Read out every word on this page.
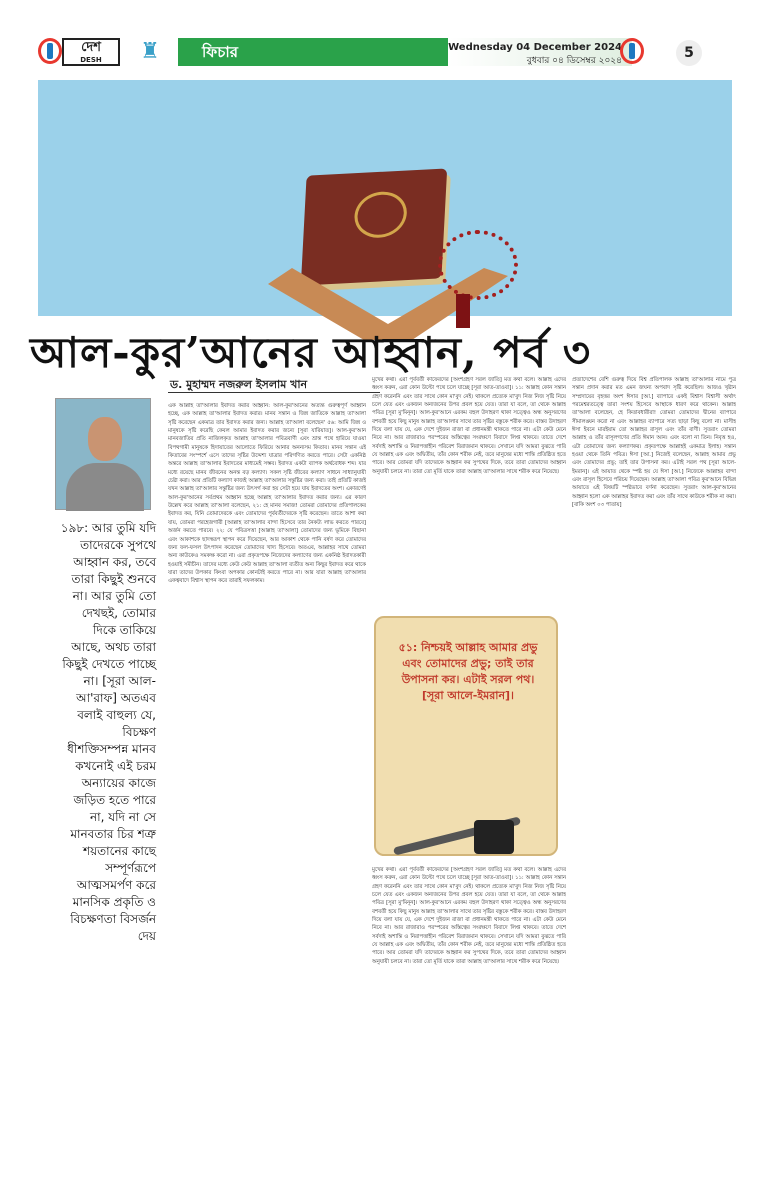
দেশ
DESH	♜	ফিচার	Wednesday 04 December 2024
বুধবার ০৪ ডিসেম্বর ২০২৪	5
আল-কুর’আনের আহ্বান, পর্ব ৩
ড. মুহাম্মদ নজরুল ইসলাম খান
১৯৮: আর তুমি যদি তাদেরকে সুপথে আহ্বান কর, তবে তারা কিছুই শুনবে না। আর তুমি তো দেখছই, তোমার দিকে তাকিয়ে আছে, অথচ তারা কিছুই দেখতে পাচ্ছে না। [সূরা আল-আ'রাফ] অতএব বলাই বাহুল্য যে, বিচক্ষণ ধীশক্তিসম্পন্ন মানব কখনোই এই চরম অন্যায়ের কাজে জড়িত হতে পারে না, যদি না সে মানবতার চির শত্রু শয়তানের কাছে সম্পূর্ণরূপে আত্মসমর্পণ করে মানসিক প্রকৃতি ও বিচক্ষণতা বিসর্জন দেয়
এক আল্লাহ তা'আলার ইবাদত করার আহ্বান: আল-কুর'আনের অত্যন্ত গুরুত্বপূর্ণ আহ্বান হচ্ছে, এক আল্লাহ তা'আলার ইবাদত করার। মানব সন্তান ও জিন্ন জাতিকে আল্লাহ তা'আলা সৃষ্টি করেছেন একমাত্র তার ইবাদত করার জন্য। আল্লাহ তা'আলা বলেছেন' ৫৬: আমি জিন্ন ও মানুষকে সৃষ্টি করেছি কেবল আমার ইবাদত করার জন্যে [সূরা যারিয়াত]। আল-কুর'আন মানবজাতির প্রতি নাজিলকৃত আল্লাহ তা'আলার পবিত্রবাণী এবং ভ্রান্ত পথে হারিয়ে যাওয়া বিপথগামী মানুষকে হিদায়াতের আলোতে ফিরিয়ে আনার অনন্যসম কিতাব। মানব সন্তান এই কিতাবের সংস্পর্শে এসে তাদের সৃষ্টির উদ্দেশ্য যাত্রার পরিগণিত করতে পারে। সেটা একনিষ্ঠ অন্তরে আল্লাহ তা'আলার ইবাদতের মাধ্যমেই সম্ভব। ইবাদত একটা ব্যাপক অর্থবোধক শব্দ। যার মধ্যে রয়েছে মানব জীবনের অনন্ত বড় কল্যাণ। সকল সৃষ্টি জীবের কল্যাণ সাধনে সাধ্যানুযায়ী চেষ্টা করা। আর প্রতিটি কল্যাণ কাজই আল্লাহ তা'আলার সন্তুষ্টির জন্য করা। তাই প্রতিটি কাজই যখন আল্লাহ তা'আলার সন্তুষ্টির জন্য উৎসর্গ করা হয় সেটা হয়ে যায় ইবাদতের অংশ। একারণেই আল-কুর'আনের সর্বপ্রথম আহ্বান হচ্ছে আল্লাহ তা'আলার ইবাদত করার জন্য। এর কারণ উল্লেখ করে আল্লাহ তা'আলা বলেছেন, ২১: হে মানব সমাজ! তোমরা তোমাদের প্রতিপালকের ইবাদত কর, যিনি তোমাদেরকে এবং তোমাদের পূর্ববর্তীদেরকে সৃষ্টি করেছেন। তাতে আশা করা যায়, তোমরা পরহেজগারী [আল্লাহ তা'আলার বান্দা হিসেবে তার নৈকট্য লাভ করতে পারবে] অর্জন করতে পারবে। ২২: যে পবিত্রসত্তা [আল্লাহ তা'আলা] তোমাদের জন্য ভূমিকে বিছানা এবং আকাশকে ছাদস্বরূপ স্থাপন করে দিয়েছেন, আর আকাশ থেকে পানি বর্ষণ করে তোমাদের জন্য ফল-ফসল উৎপাদন করেছেন তোমাদের খাদ্য হিসেবে। অতএব, আল্লাহর সাথে তোমরা অন্য কাউকেও সমকক্ষ করো না। এরা প্রকৃতপক্ষে নিজেদের কল্যাণের জন্য একনিষ্ঠ ইবাদতকারী হওয়াই সমীচীন। তাদের মধ্যে কেউ কেউ আল্লাহ তা'আলা ব্যতীত অন্য কিছুর ইবাদত করে থাকে যারা তাদের উপকার কিংবা অপকার কোনটাই করতে পারে না। আর যারা আল্লাহ তা'আলার একত্ববাদে বিশ্বাস স্থাপন করে তারাই সফলকাম।
মুখের কথা। এরা পূর্ববর্তী কাফেরদের [অংশগ্রহণ সরল জাতি] মত কথা বলে। আল্লাহ এদের ধ্বংস করুন, এরা কোন উল্টো পথে চলে যাচ্ছে [সূরা আত-তাওবা]। ১১: আল্লাহ কোন সন্তান গ্রহণ করেননি এবং তার সাথে কোন মা'বুদ নেই। থাকলে প্রত্যেক মা'বুদ নিজ নিজ সৃষ্টি নিয়ে চলে যেত এবং একজন অন্যজনের উপর প্রবল হয়ে যেত। তারা যা বলে, তা থেকে আল্লাহ পবিত্র [সূরা মু'মিনূন]। আল-কুর'আনে এরকম বহুল উদাহরণ থাকা সত্ত্বেও অন্ধ অনুসরণের বশবর্তী হয়ে কিছু মানুষ আল্লাহ তা'আলার সাথে তার সৃষ্টির বস্তুকে শরীক করে। বাস্তব উদাহরণ দিয়ে বলা যায় যে, এক দেশে দুইজন রাজা বা প্রধানমন্ত্রী থাকতে পারে না। এটা কেউ মেনে নিবে না। আর রাজারাও পরস্পরের অস্তিত্বের সংরক্ষণে বিবাদে লিপ্ত থাকবে। তাতে দেশে সর্বদাই অশান্তি ও নিরাপত্তাহীন পরিবেশ বিরাজমান থাকবে। সেখানে যদি আমরা বুঝতে পারি যে আল্লাহ এক এবং অদ্বিতীয়, তাঁর কোন শরীক নেই, তবে মানুষের মধ্যে শান্তি প্রতিষ্ঠিত হতে পারে। আর তোমরা যদি তাদেরকে আহ্বান কর সুপথের দিকে, তবে তারা তোমাদের আহ্বান অনুযায়ী চলবে না। তারা তো মূর্তি যাকে তারা আল্লাহ তা'আলার সাথে শরীক করে নিয়েছে।
মুখের কথা। এরা পূর্ববর্তী কাফেরদের [অংশগ্রহণ সরল জাতি] মত কথা বলে। আল্লাহ এদের ধ্বংস করুন, এরা কোন উল্টো পথে চলে যাচ্ছে [সূরা আত-তাওবা]। ১১: আল্লাহ কোন সন্তান গ্রহণ করেননি এবং তার সাথে কোন মা'বুদ নেই। থাকলে প্রত্যেক মা'বুদ নিজ নিজ সৃষ্টি নিয়ে চলে যেত এবং একজন অন্যজনের উপর প্রবল হয়ে যেত। তারা যা বলে, তা থেকে আল্লাহ পবিত্র [সূরা মু'মিনূন]। আল-কুর'আনে এরকম বহুল উদাহরণ থাকা সত্ত্বেও অন্ধ অনুসরণের বশবর্তী হয়ে কিছু মানুষ আল্লাহ তা'আলার সাথে তার সৃষ্টির বস্তুকে শরীক করে। বাস্তব উদাহরণ দিয়ে বলা যায় যে, এক দেশে দুইজন রাজা বা প্রধানমন্ত্রী থাকতে পারে না। এটা কেউ মেনে নিবে না। আর রাজারাও পরস্পরের অস্তিত্বের সংরক্ষণে বিবাদে লিপ্ত থাকবে। তাতে দেশে সর্বদাই অশান্তি ও নিরাপত্তাহীন পরিবেশ বিরাজমান থাকবে। সেখানে যদি আমরা বুঝতে পারি যে আল্লাহ এক এবং অদ্বিতীয়, তাঁর কোন শরীক নেই, তবে মানুষের মধ্যে শান্তি প্রতিষ্ঠিত হতে পারে। আর তোমরা যদি তাদেরকে আহ্বান কর সুপথের দিকে, তবে তারা তোমাদের আহ্বান অনুযায়ী চলবে না। তারা তো মূর্তি যাকে তারা আল্লাহ তা'আলার সাথে শরীক করে নিয়েছে।
প্রত্যাদেশের বেশি গুরুত্ব দিয়ে বিশ্ব প্রতিপালক আল্লাহ তা'আলার নামে পুত্র সন্তান প্রদান করার মত এমন জঘন্য অপবাদ সৃষ্টি করেছিল। আজও খৃষ্টান সম্প্রদায়ের বৃহত্তর অংশ ঈসার [আ.] ব্যাপারে একই বিশ্বাস বিশ্বাসী অর্থাৎ পরমেশ্বরতত্ত্বে তারা সংশয় হিসেবে আস্থাকে ধারণ করে থাকেন। আল্লাহ তা'আলা বলেছেন, হে কিতাবধারীরা! তোমরা তোমাদের দ্বীনের ব্যাপারে সীমালঙ্ঘন করো না এবং আল্লাহর ব্যাপারে সত্য ছাড়া কিছু বলো না। মাসীহ ঈসা ইবনে মারইয়াম তো আল্লাহর রাসূল এবং তাঁর বাণী। সুতরাং তোমরা আল্লাহ ও তাঁর রাসূলগণের প্রতি ঈমান আন। এবং বলো না তিন। নিবৃত্ত হও, এটা তোমাদের জন্য কল্যাণকর। প্রকৃতপক্ষে আল্লাহই একমাত্র ইলাহ। সন্তান হওয়া থেকে তিনি পবিত্র। ঈসা [আ.] নিজেই বলেছেন, আল্লাহ আমার প্রভু এবং তোমাদের প্রভু; তাই তার উপাসনা কর। এটাই সরল পথ [সূরা আলে-ইমরান]। এই আয়াত থেকে স্পষ্ট হয় যে ঈসা [আ.] নিজেকে আল্লাহর বান্দা এবং রাসূল হিসেবে পরিচয় দিয়েছেন। আল্লাহ তা'আলা পবিত্র কুর'আনে বিভিন্ন আয়াতে এই বিষয়টি স্পষ্টভাবে বর্ণনা করেছেন। সুতরাং আল-কুর'আনের আহ্বান হলো এক আল্লাহর ইবাদত করা এবং তাঁর সাথে কাউকে শরীক না করা। [বাকি অংশ ০৩ পাতায়]

৫১: নিশ্চয়ই আল্লাহ আমার প্রভু এবং তোমাদের প্রভু; তাই তার উপাসনা কর। এটাই সরল পথ। [সূরা আলে-ইমরান]।
